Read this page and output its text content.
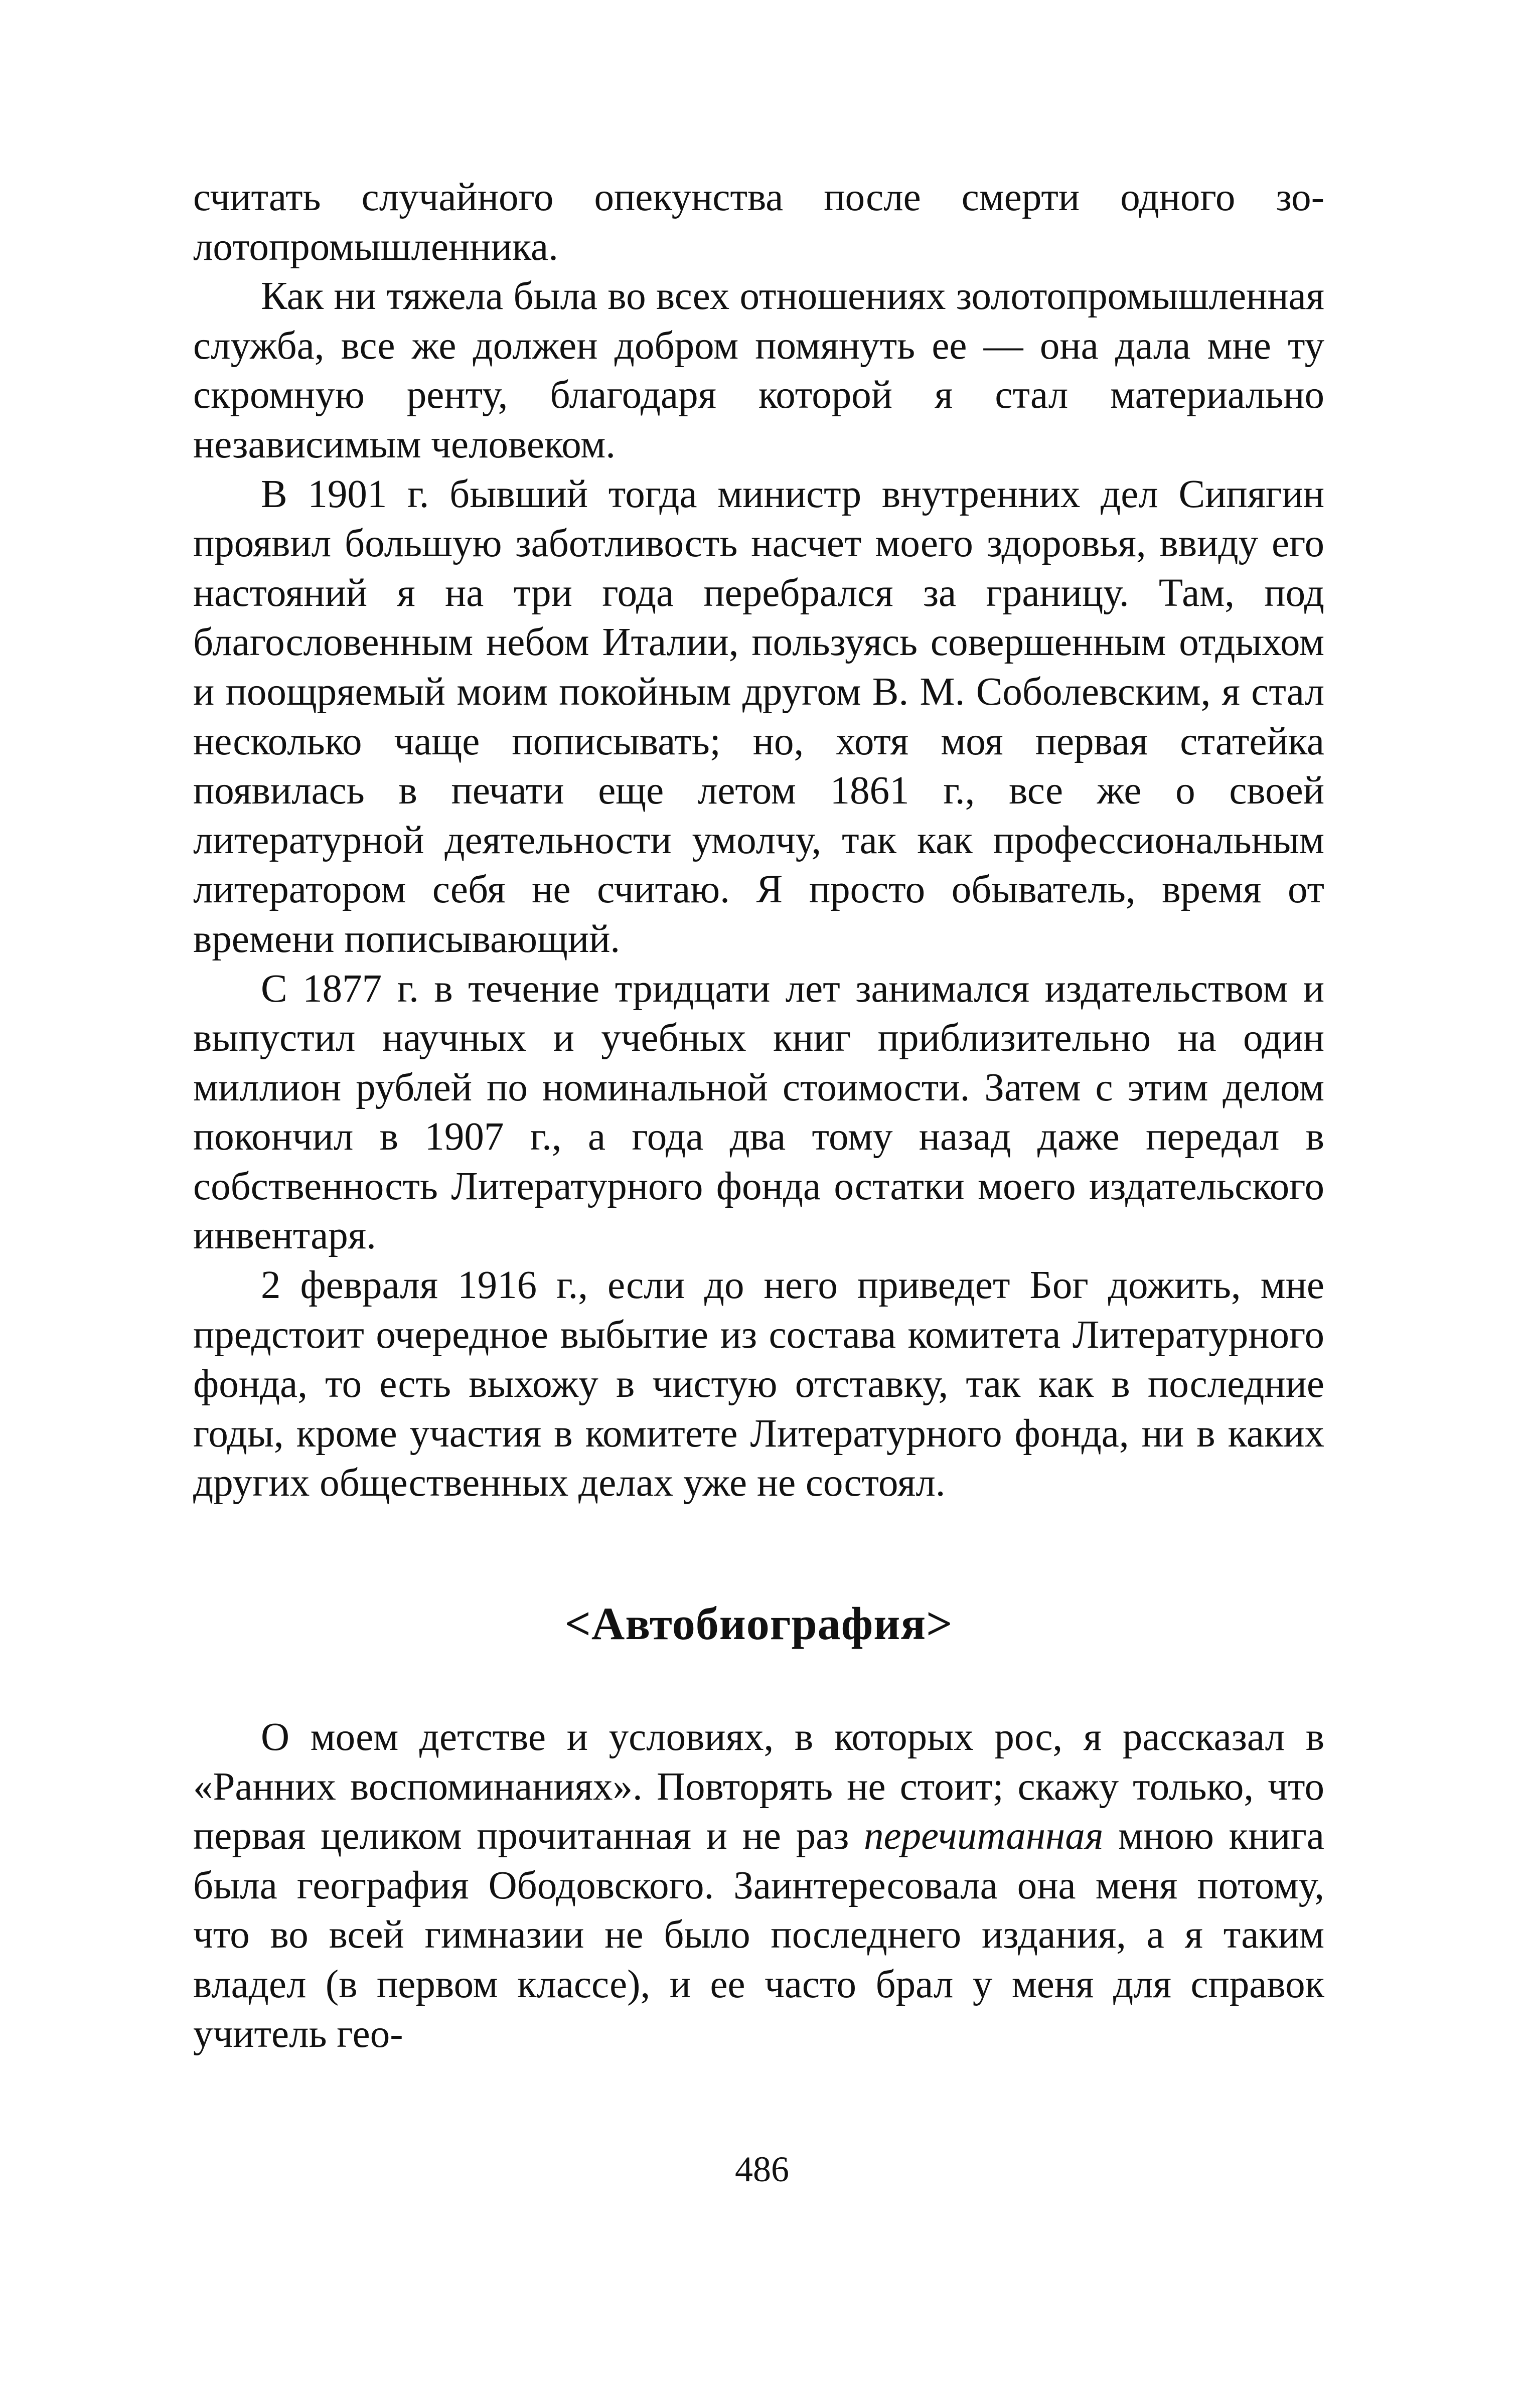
считать случайного опекунства после смерти одного золотопромышленника.

Как ни тяжела была во всех отношениях золотопромышленная служба, все же должен добром помянуть ее — она дала мне ту скромную ренту, благодаря которой я стал материально независимым человеком.

В 1901 г. бывший тогда министр внутренних дел Сипягин проявил большую заботливость насчет моего здоровья, ввиду его настояний я на три года перебрался за границу. Там, под благословенным небом Италии, пользуясь совершенным отдыхом и поощряемый моим покойным другом В. М. Соболевским, я стал несколько чаще пописывать; но, хотя моя первая статейка появилась в печати еще летом 1861 г., все же о своей литературной деятельности умолчу, так как профессиональным литератором себя не считаю. Я просто обыватель, время от времени пописывающий.

С 1877 г. в течение тридцати лет занимался издательством и выпустил научных и учебных книг приблизительно на один миллион рублей по номинальной стоимости. Затем с этим делом покончил в 1907 г., а года два тому назад даже передал в собственность Литературного фонда остатки моего издательского инвентаря.

2 февраля 1916 г., если до него приведет Бог дожить, мне предстоит очередное выбытие из состава комитета Литературного фонда, то есть выхожу в чистую отставку, так как в последние годы, кроме участия в комитете Литературного фонда, ни в каких других общественных делах уже не состоял.

<Автобиография>

О моем детстве и условиях, в которых рос, я рассказал в «Ранних воспоминаниях». Повторять не стоит; скажу только, что первая целиком прочитанная и не раз перечитанная мною книга была география Ободовского. Заинтересовала она меня потому, что во всей гимназии не было последнего издания, а я таким владел (в первом классе), и ее часто брал у меня для справок учитель гео-

486
